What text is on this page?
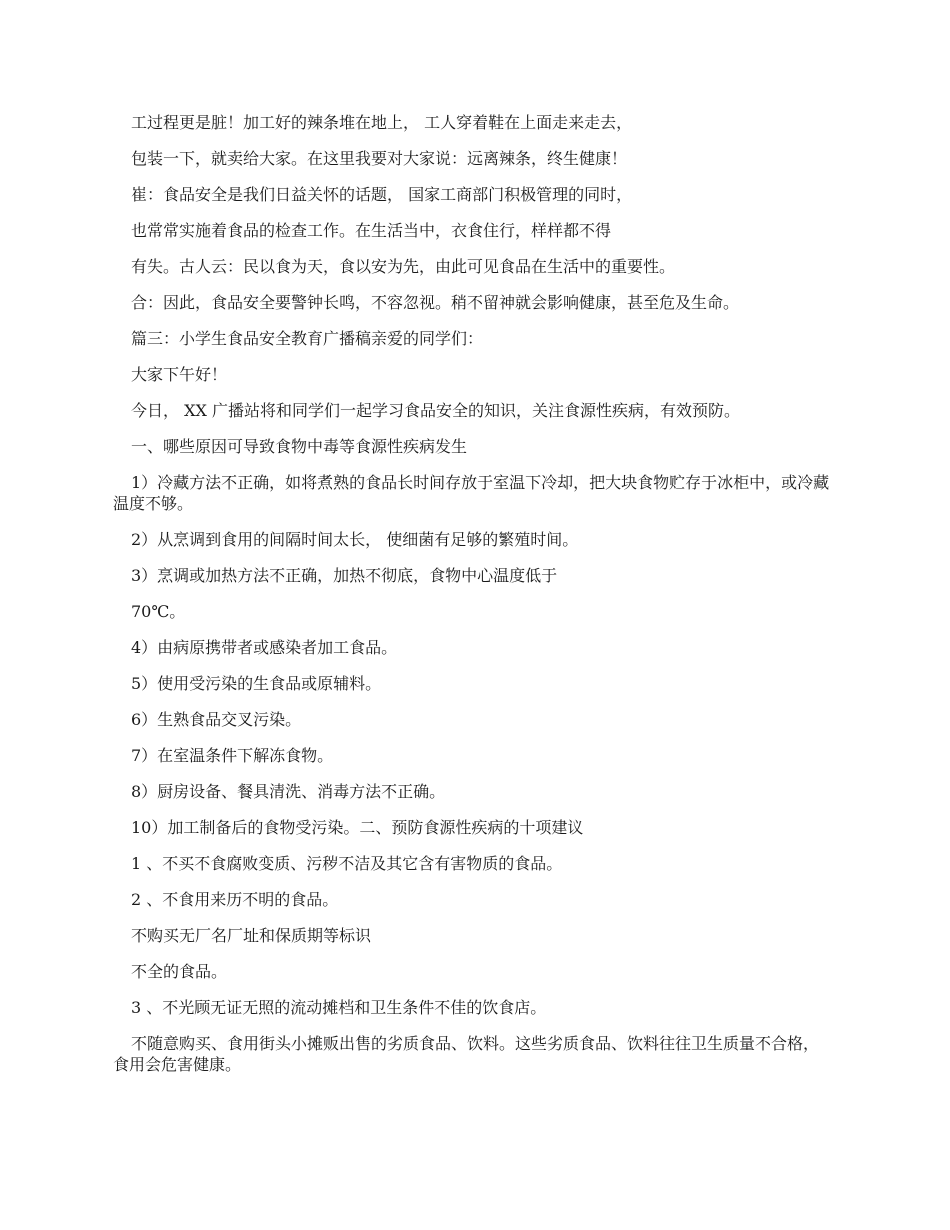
工过程更是脏！加工好的辣条堆在地上， 工人穿着鞋在上面走来走去，

包装一下，就卖给大家。在这里我要对大家说：远离辣条，终生健康！

崔：食品安全是我们日益关怀的话题， 国家工商部门积极管理的同时，

也常常实施着食品的检查工作。在生活当中，衣食住行，样样都不得

有失。古人云：民以食为天，食以安为先，由此可见食品在生活中的重要性。

合：因此，食品安全要警钟长鸣，不容忽视。稍不留神就会影响健康，甚至危及生命。

篇三：小学生食品安全教育广播稿亲爱的同学们：

大家下午好！

今日， XX 广播站将和同学们一起学习食品安全的知识，关注食源性疾病，有效预防。

一、哪些原因可导致食物中毒等食源性疾病发生

1）冷藏方法不正确，如将煮熟的食品长时间存放于室温下冷却，把大块食物贮存于冰柜中，或冷藏温度不够。

2）从烹调到食用的间隔时间太长， 使细菌有足够的繁殖时间。

3）烹调或加热方法不正确，加热不彻底，食物中心温度低于

70℃。

4）由病原携带者或感染者加工食品。

5）使用受污染的生食品或原辅料。

6）生熟食品交叉污染。

7）在室温条件下解冻食物。

8）厨房设备、餐具清洗、消毒方法不正确。

10）加工制备后的食物受污染。二、预防食源性疾病的十项建议

1 、不买不食腐败变质、污秽不洁及其它含有害物质的食品。

2 、不食用来历不明的食品。

不购买无厂名厂址和保质期等标识

不全的食品。

3 、不光顾无证无照的流动摊档和卫生条件不佳的饮食店。

不随意购买、食用街头小摊贩出售的劣质食品、饮料。这些劣质食品、饮料往往卫生质量不合格，食用会危害健康。
